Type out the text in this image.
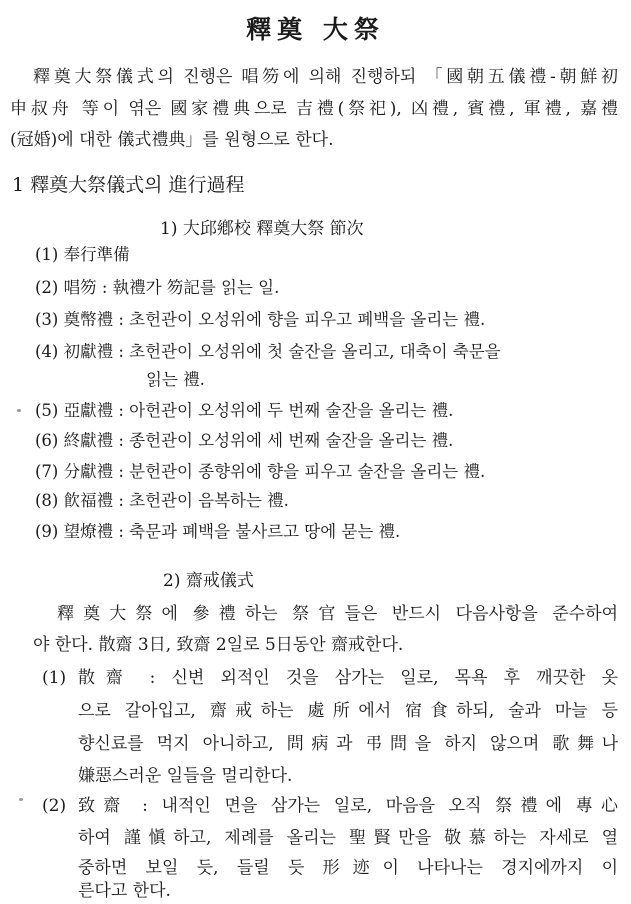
釋奠 大祭
釋奠大祭儀式의 진행은 唱笏에 의해 진행하되 「國朝五儀禮-朝鮮初
申叔舟 等이 엮은 國家禮典으로 吉禮(祭祀), 凶禮, 賓禮, 軍禮, 嘉禮
(冠婚)에 대한 儀式禮典」를 원형으로 한다.
1 釋奠大祭儀式의 進行過程
1) 大邱鄕校 釋奠大祭 節次
(1) 奉行準備
(2) 唱笏 : 執禮가 笏記를 읽는 일.
(3) 奠幣禮 : 초헌관이 오성위에 향을 피우고 폐백을 올리는 禮.
(4) 初獻禮 : 초헌관이 오성위에 첫 술잔을 올리고, 대축이 축문을
읽는 禮.
(5) 亞獻禮 : 아헌관이 오성위에 두 번째 술잔을 올리는 禮.
(6) 終獻禮 : 종헌관이 오성위에 세 번째 술잔을 올리는 禮.
(7) 分獻禮 : 분헌관이 종향위에 향을 피우고 술잔을 올리는 禮.
(8) 飮福禮 : 초헌관이 음복하는 禮.
(9) 望燎禮 : 축문과 폐백을 불사르고 땅에 묻는 禮.
2) 齋戒儀式
釋奠大祭에 參禮하는 祭官들은 반드시 다음사항을 준수하여
야 한다. 散齋 3日, 致齋 2일로 5日동안 齋戒한다.
(1) 散齋 : 신변 외적인 것을 삼가는 일로, 목욕 후 깨끗한 옷
으로 갈아입고, 齋戒하는 處所에서 宿食하되, 술과 마늘 등
향신료를 먹지 아니하고, 問病과 弔問을 하지 않으며 歌舞나
嫌惡스러운 일들을 멀리한다.
(2) 致齋 : 내적인 면을 삼가는 일로, 마음을 오직 祭禮에 專心
하여 謹愼하고, 제례를 올리는 聖賢만을 敬慕하는 자세로 열
중하면 보일 듯, 들릴 듯 形迹이 나타나는 경지에까지 이
른다고 한다.
